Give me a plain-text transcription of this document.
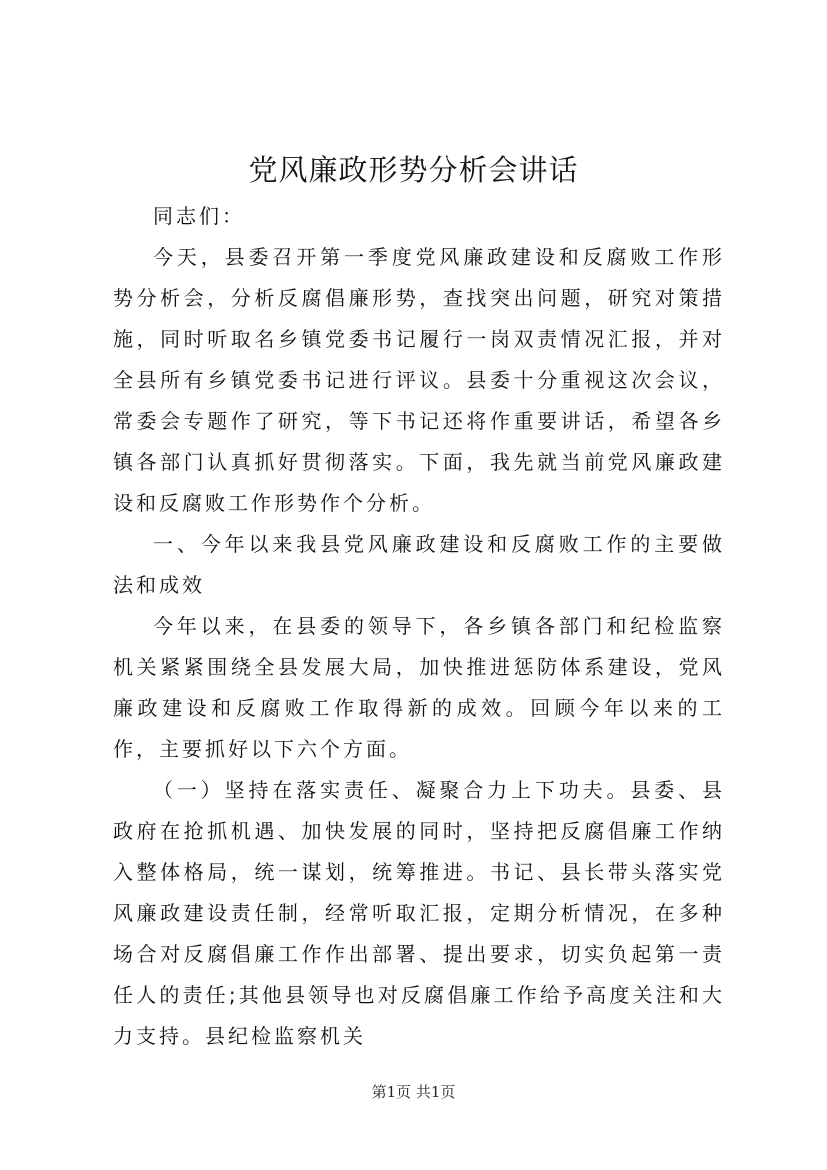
党风廉政形势分析会讲话

同志们：

今天，县委召开第一季度党风廉政建设和反腐败工作形势分析会，分析反腐倡廉形势，查找突出问题，研究对策措施，同时听取名乡镇党委书记履行一岗双责情况汇报，并对全县所有乡镇党委书记进行评议。县委十分重视这次会议，常委会专题作了研究，等下书记还将作重要讲话，希望各乡镇各部门认真抓好贯彻落实。下面，我先就当前党风廉政建设和反腐败工作形势作个分析。

一、今年以来我县党风廉政建设和反腐败工作的主要做法和成效

今年以来，在县委的领导下，各乡镇各部门和纪检监察机关紧紧围绕全县发展大局，加快推进惩防体系建设，党风廉政建设和反腐败工作取得新的成效。回顾今年以来的工作，主要抓好以下六个方面。

（一）坚持在落实责任、凝聚合力上下功夫。县委、县政府在抢抓机遇、加快发展的同时，坚持把反腐倡廉工作纳入整体格局，统一谋划，统筹推进。书记、县长带头落实党风廉政建设责任制，经常听取汇报，定期分析情况，在多种场合对反腐倡廉工作作出部署、提出要求，切实负起第一责任人的责任;其他县领导也对反腐倡廉工作给予高度关注和大力支持。县纪检监察机关

第1页 共1页
